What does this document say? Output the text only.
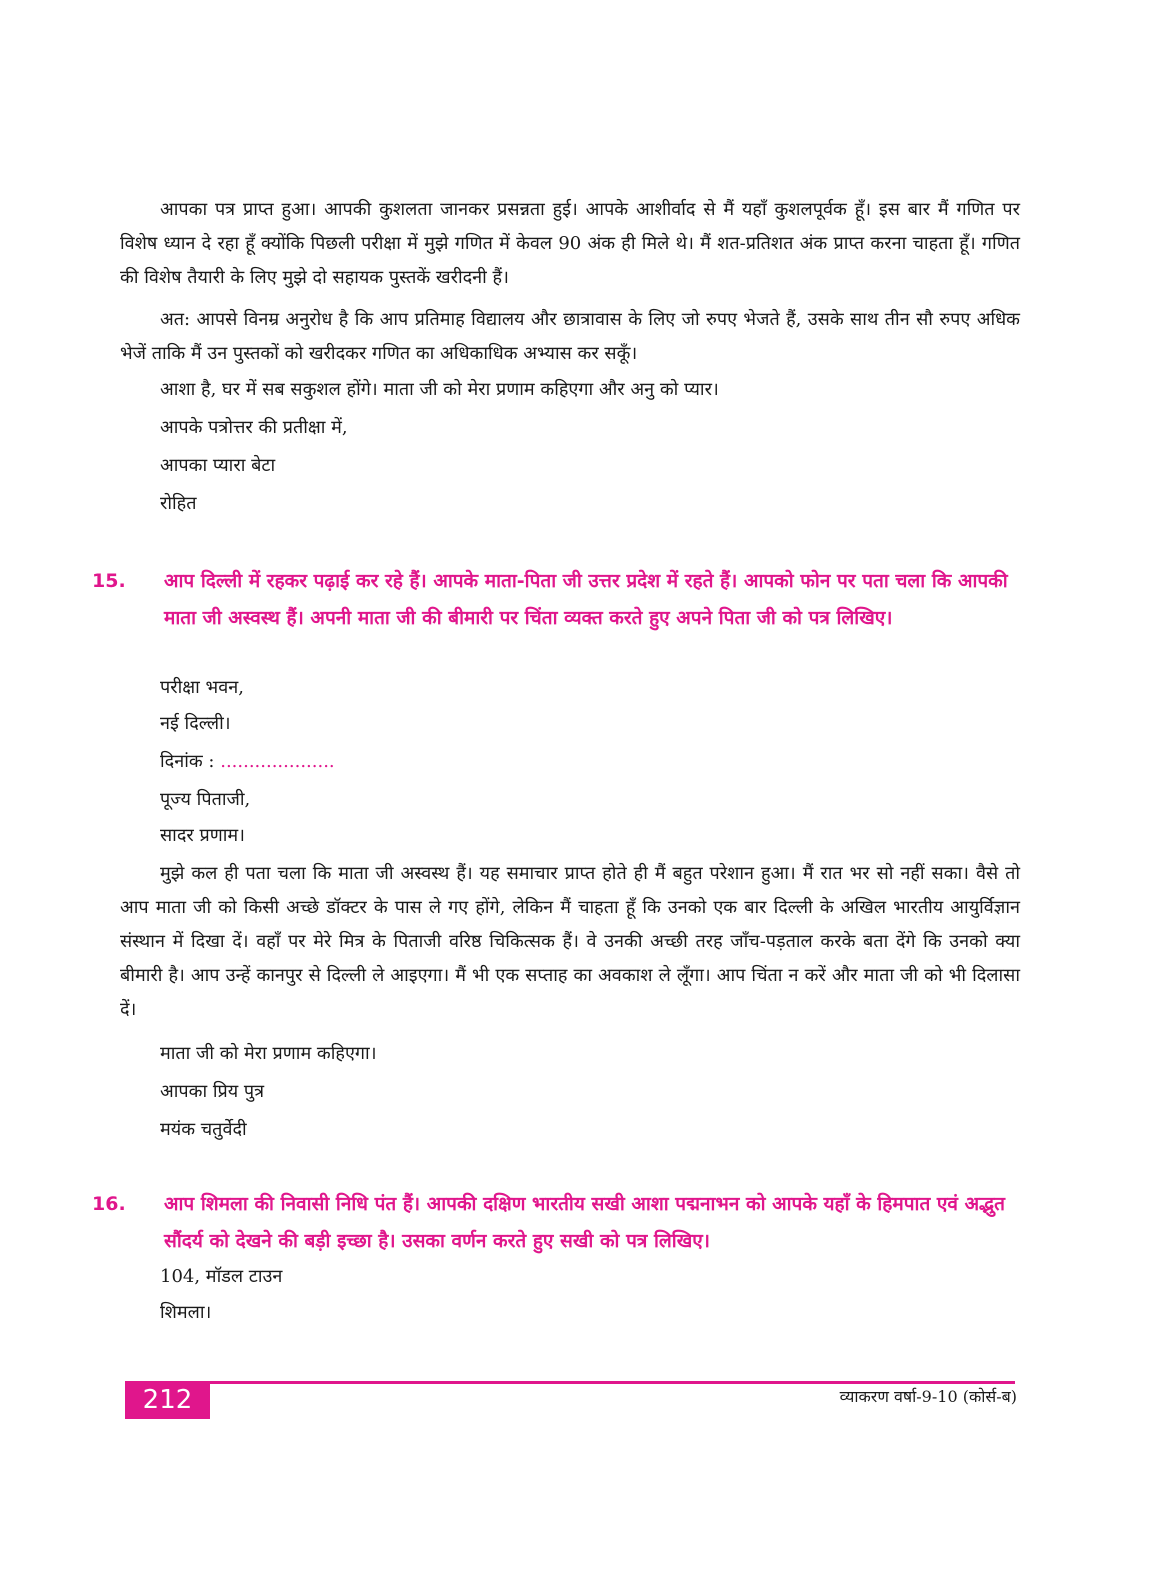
आपका पत्र प्राप्त हुआ। आपकी कुशलता जानकर प्रसन्नता हुई। आपके आशीर्वाद से मैं यहाँ कुशलपूर्वक हूँ। इस बार मैं गणित पर विशेष ध्यान दे रहा हूँ क्योंकि पिछली परीक्षा में मुझे गणित में केवल 90 अंक ही मिले थे। मैं शत-प्रतिशत अंक प्राप्त करना चाहता हूँ। गणित की विशेष तैयारी के लिए मुझे दो सहायक पुस्तकें खरीदनी हैं।

अत: आपसे विनम्र अनुरोध है कि आप प्रतिमाह विद्यालय और छात्रावास के लिए जो रुपए भेजते हैं, उसके साथ तीन सौ रुपए अधिक भेजें ताकि मैं उन पुस्तकों को खरीदकर गणित का अधिकाधिक अभ्यास कर सकूँ।

आशा है, घर में सब सकुशल होंगे। माता जी को मेरा प्रणाम कहिएगा और अनु को प्यार।

आपके पत्रोत्तर की प्रतीक्षा में,

आपका प्यारा बेटा

रोहित

15. आप दिल्ली में रहकर पढ़ाई कर रहे हैं। आपके माता-पिता जी उत्तर प्रदेश में रहते हैं। आपको फोन पर पता चला कि आपकी माता जी अस्वस्थ हैं। अपनी माता जी की बीमारी पर चिंता व्यक्त करते हुए अपने पिता जी को पत्र लिखिए।

परीक्षा भवन,

नई दिल्ली।

दिनांक : ....................

पूज्य पिताजी,

सादर प्रणाम।

मुझे कल ही पता चला कि माता जी अस्वस्थ हैं। यह समाचार प्राप्त होते ही मैं बहुत परेशान हुआ। मैं रात भर सो नहीं सका। वैसे तो आप माता जी को किसी अच्छे डॉक्टर के पास ले गए होंगे, लेकिन मैं चाहता हूँ कि उनको एक बार दिल्ली के अखिल भारतीय आयुर्विज्ञान संस्थान में दिखा दें। वहाँ पर मेरे मित्र के पिताजी वरिष्ठ चिकित्सक हैं। वे उनकी अच्छी तरह जाँच-पड़ताल करके बता देंगे कि उनको क्या बीमारी है। आप उन्हें कानपुर से दिल्ली ले आइएगा। मैं भी एक सप्ताह का अवकाश ले लूँगा। आप चिंता न करें और माता जी को भी दिलासा दें।

माता जी को मेरा प्रणाम कहिएगा।

आपका प्रिय पुत्र

मयंक चतुर्वेदी

16. आप शिमला की निवासी निधि पंत हैं। आपकी दक्षिण भारतीय सखी आशा पद्मनाभन को आपके यहाँ के हिमपात एवं अद्भुत सौंदर्य को देखने की बड़ी इच्छा है। उसका वर्णन करते हुए सखी को पत्र लिखिए।

104, मॉडल टाउन

शिमला।

212	व्याकरण वर्षा-9-10 (कोर्स-ब)
